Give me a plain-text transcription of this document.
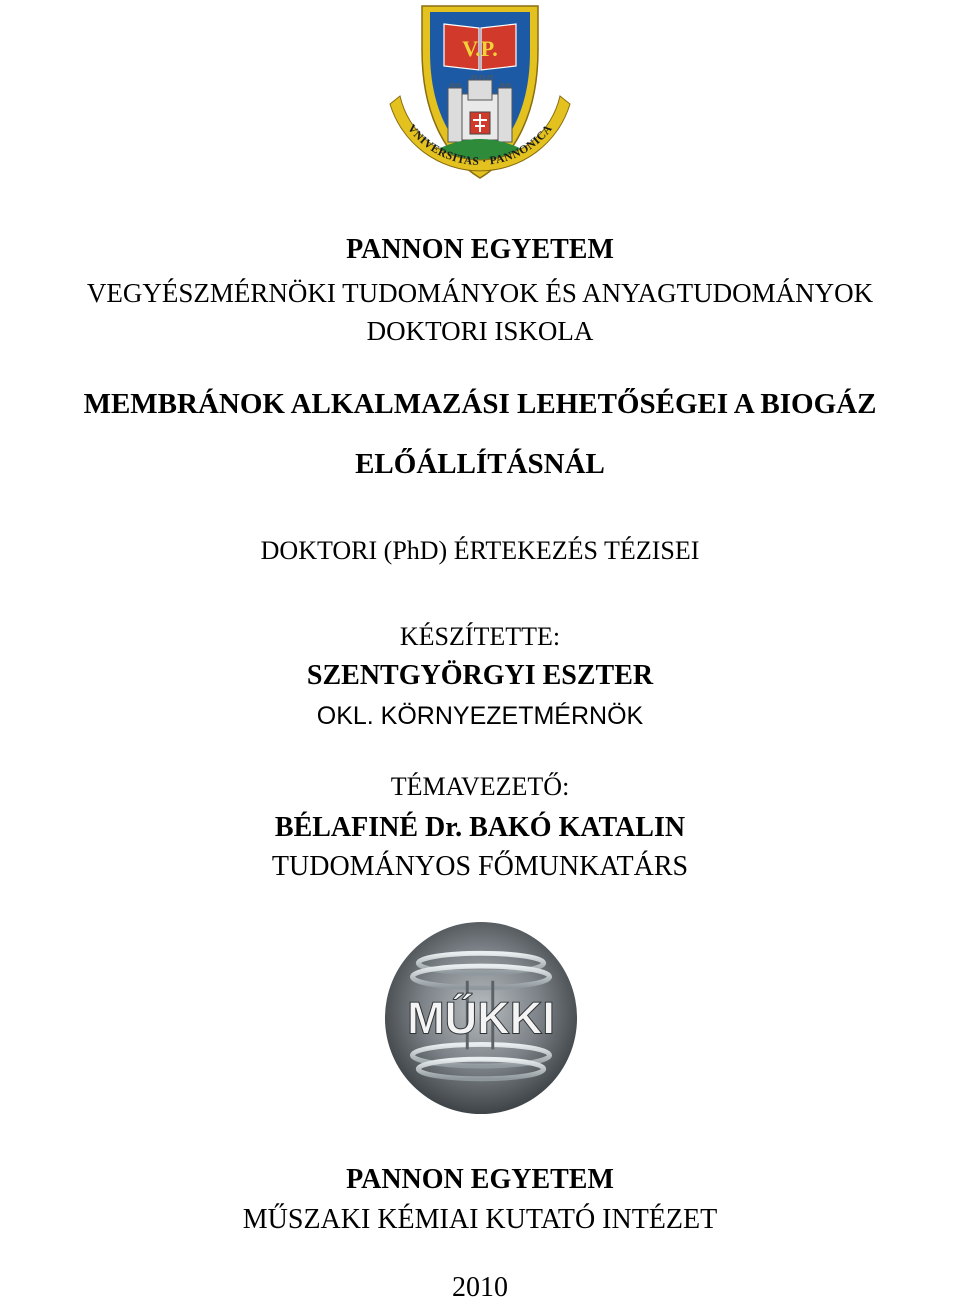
V.P.
VNIVERSITAS · PANNONICA
PANNON EGYETEM
VEGYÉSZMÉRNÖKI TUDOMÁNYOK ÉS ANYAGTUDOMÁNYOK
DOKTORI ISKOLA
MEMBRÁNOK ALKALMAZÁSI LEHETŐSÉGEI A BIOGÁZ
ELŐÁLLÍTÁSNÁL
DOKTORI (PhD) ÉRTEKEZÉS TÉZISEI
KÉSZÍTETTE:
SZENTGYÖRGYI ESZTER
OKL. KÖRNYEZETMÉRNÖK
TÉMAVEZETŐ:
BÉLAFINÉ Dr. BAKÓ KATALIN
TUDOMÁNYOS FŐMUNKATÁRS
MŰKKI
PANNON EGYETEM
MŰSZAKI KÉMIAI KUTATÓ INTÉZET
2010
